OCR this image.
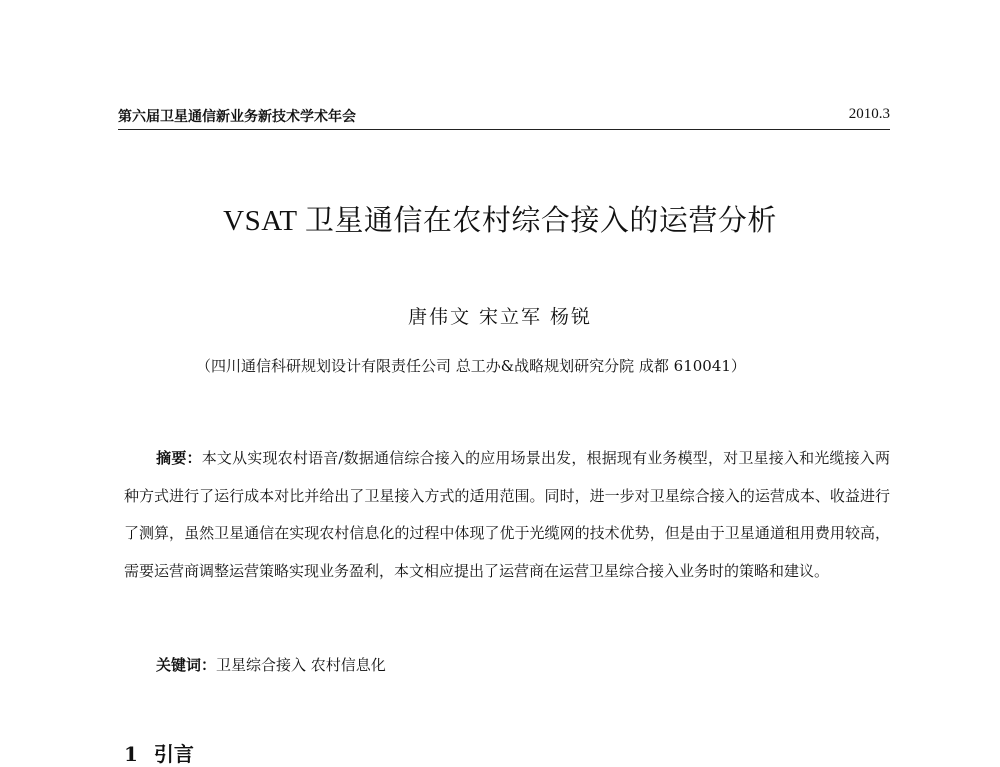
第六届卫星通信新业务新技术学术年会	2010.3
VSAT 卫星通信在农村综合接入的运营分析
唐伟文 宋立军 杨锐
（四川通信科研规划设计有限责任公司 总工办&战略规划研究分院 成都 610041）
摘要：本文从实现农村语音/数据通信综合接入的应用场景出发，根据现有业务模型，对卫星接入和光缆接入两种方式进行了运行成本对比并给出了卫星接入方式的适用范围。同时，进一步对卫星综合接入的运营成本、收益进行了测算，虽然卫星通信在实现农村信息化的过程中体现了优于光缆网的技术优势，但是由于卫星通道租用费用较高，需要运营商调整运营策略实现业务盈利，本文相应提出了运营商在运营卫星综合接入业务时的策略和建议。
关键词：卫星综合接入 农村信息化
1 引言
